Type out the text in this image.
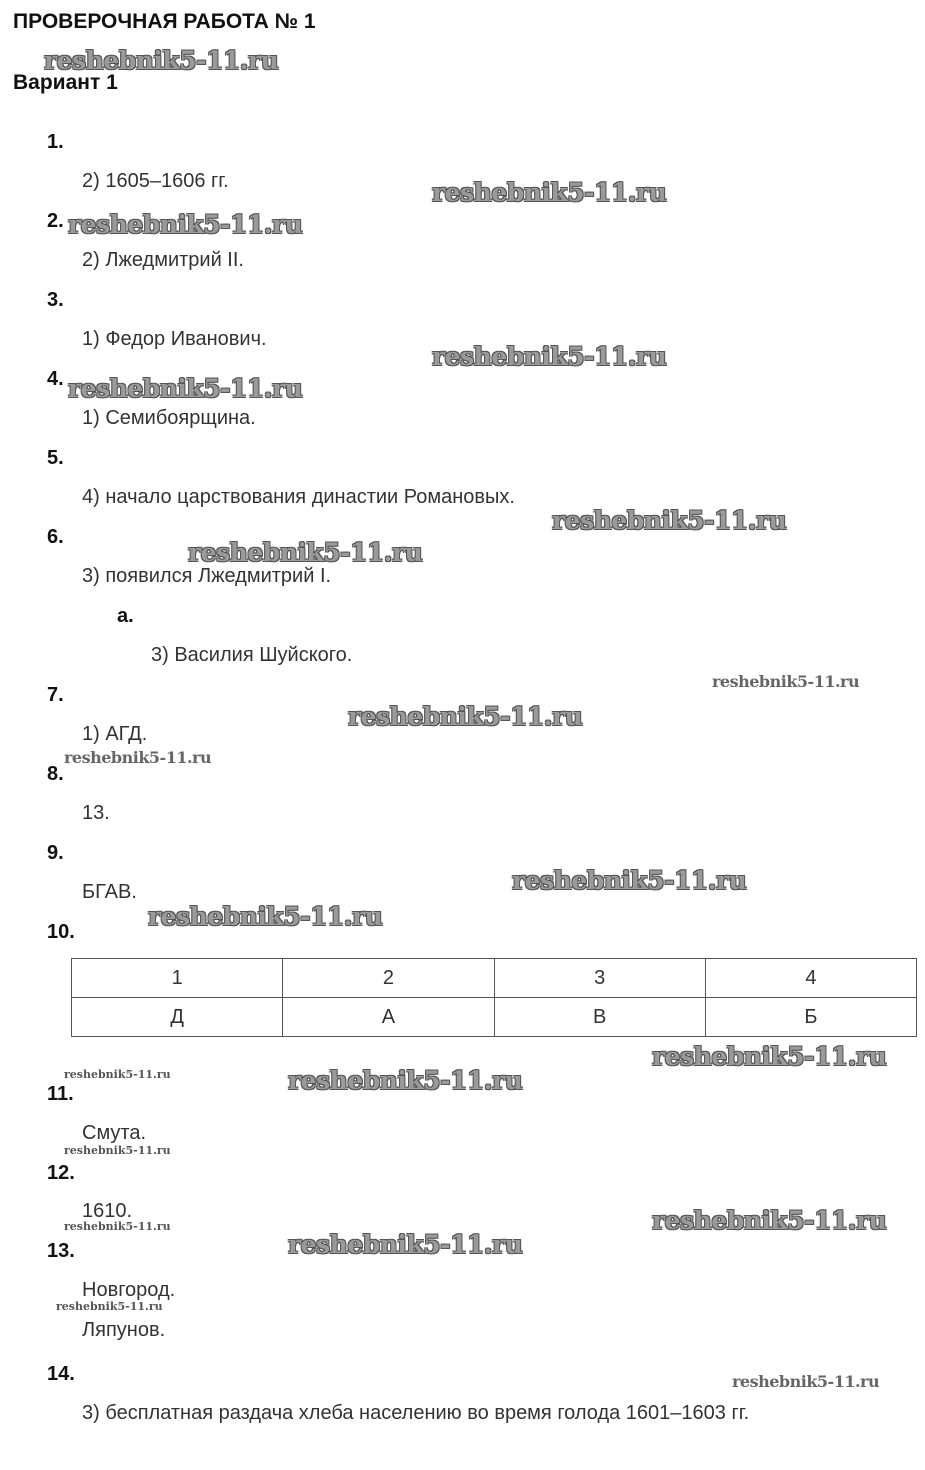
ПРОВЕРОЧНАЯ РАБОТА № 1
Вариант 1
1.
2) 1605–1606 гг.
2.
2) Лжедмитрий II.
3.
1) Федор Иванович.
4.
1) Семибоярщина.
5.
4) начало царствования династии Романовых.
6.
3) появился Лжедмитрий I.
а.
3) Василия Шуйского.
7.
1) АГД.
8.
13.
9.
БГАВ.
10.
1	2	3	4
Д	А	В	Б
11.
Смута.
12.
1610.
13.
Новгород.
Ляпунов.
14.
3) бесплатная раздача хлеба населению во время голода 1601–1603 гг.
reshebnik5-11.ru
reshebnik5-11.ru
reshebnik5-11.ru
reshebnik5-11.ru
reshebnik5-11.ru
reshebnik5-11.ru
reshebnik5-11.ru
reshebnik5-11.ru
reshebnik5-11.ru
reshebnik5-11.ru
reshebnik5-11.ru
reshebnik5-11.ru
reshebnik5-11.ru
reshebnik5-11.ru	reshebnik5-11.ru
reshebnik5-11.ru
reshebnik5-11.ru
reshebnik5-11.ru
reshebnik5-11.ru
reshebnik5-11.ru
reshebnik5-11.ru
